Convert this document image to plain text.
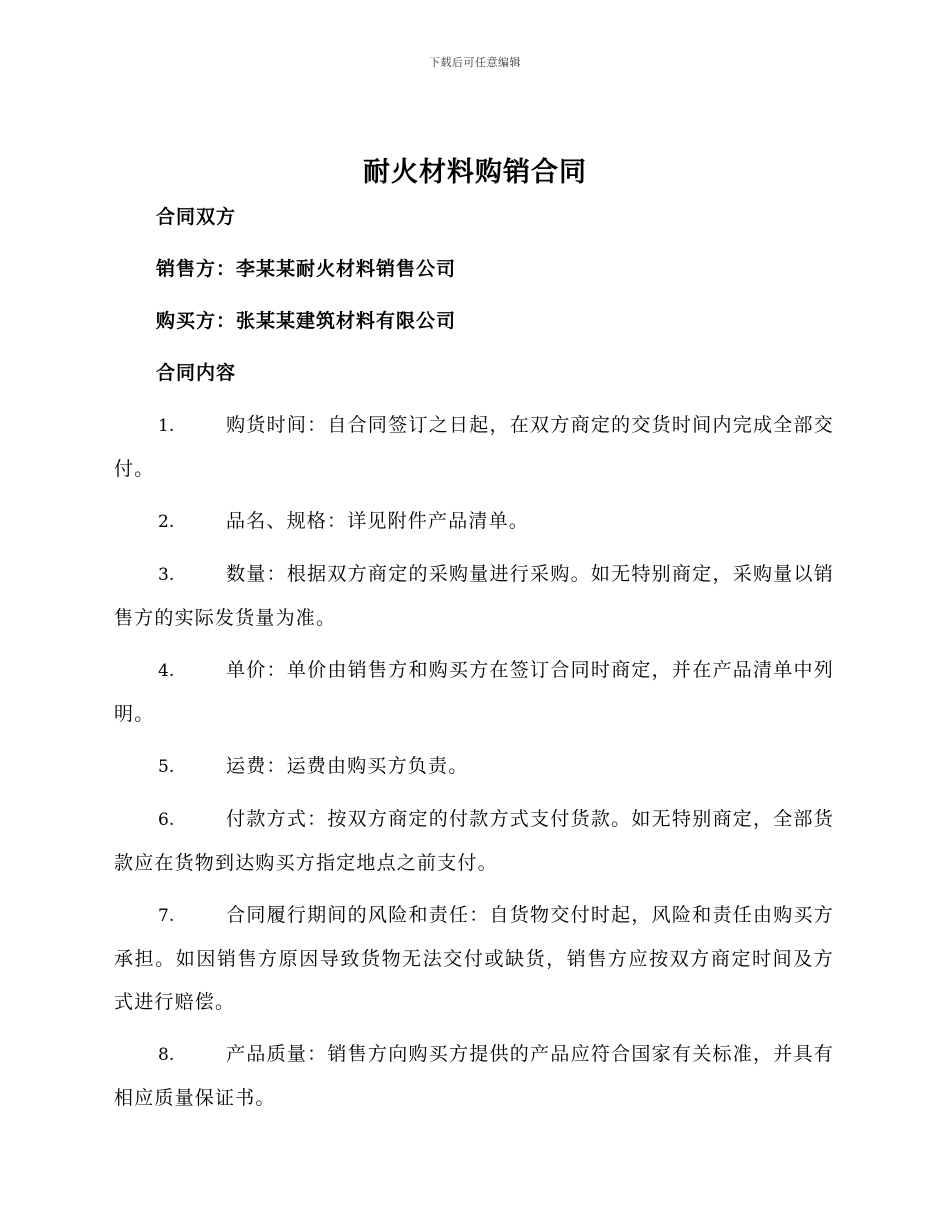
下载后可任意编辑
耐火材料购销合同

合同双方

销售方：李某某耐火材料销售公司

购买方：张某某建筑材料有限公司

合同内容

1.	购货时间：自合同签订之日起，在双方商定的交货时间内完成全部交付。

2.	品名、规格：详见附件产品清单。

3.	数量：根据双方商定的采购量进行采购。如无特别商定，采购量以销售方的实际发货量为准。

4.	单价：单价由销售方和购买方在签订合同时商定，并在产品清单中列明。

5.	运费：运费由购买方负责。

6.	付款方式：按双方商定的付款方式支付货款。如无特别商定，全部货款应在货物到达购买方指定地点之前支付。

7.	合同履行期间的风险和责任：自货物交付时起，风险和责任由购买方承担。如因销售方原因导致货物无法交付或缺货，销售方应按双方商定时间及方式进行赔偿。

8.	产品质量：销售方向购买方提供的产品应符合国家有关标准，并具有相应质量保证书。
